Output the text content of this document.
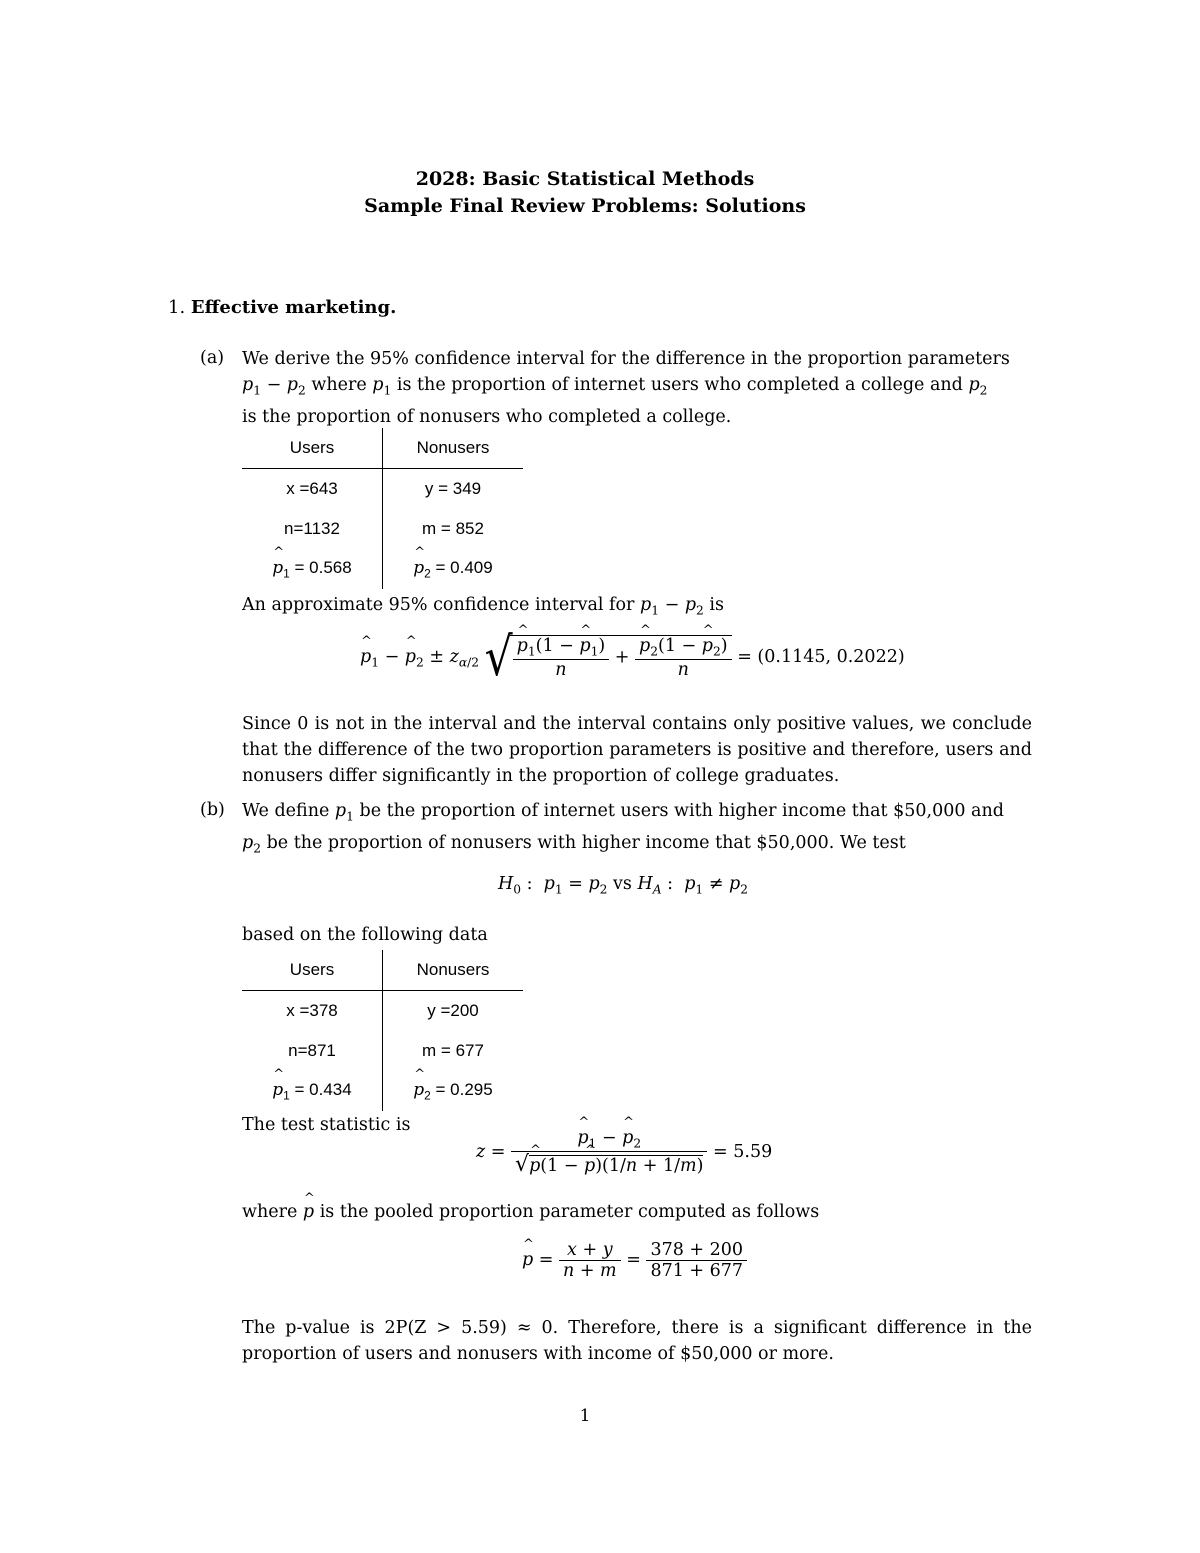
2028: Basic Statistical Methods
Sample Final Review Problems: Solutions
1. Effective marketing.
(a) We derive the 95% confidence interval for the difference in the proportion parameters
$p_1 - p_2$ where $p_1$ is the proportion of internet users who completed a college and $p_2$
is the proportion of nonusers who completed a college.
Users	Nonusers
x =643	y = 349
n=1132	m = 852
^ $p_1 = 0.568$	^ $p_2 = 0.409$
An approximate 95% confidence interval for $p_1 - p_2$ is
^ $p_1$ − ^ $p_2 \pm z_{\alpha/2}$ √ ^ $\frac{p_1(1 - \^{} p_1)}{n}$ + ^ $\frac{p_2(1 - \^{} p_2)}{n} = (0.1145$, 0.2022)
Since 0 is not in the interval and the interval contains only positive values, we conclude that the difference of the two proportion parameters is positive and therefore, users and nonusers differ significantly in the proportion of college graduates.
(b) We define $p_1$ be the proportion of internet users with higher income that $50,000 and
$p_2$ be the proportion of nonusers with higher income that $50,000. We test
$H_0$ :  $p_1 = p_2$ vs $H_A$ :  $p_1 \ne p_2$
based on the following data
Users	Nonusers
x =378	y =200
n=871	m = 677
^ $p_1 = 0.434$	^ $p_2 = 0.295$
The test statistic is
z = ^ $\frac{p_1 - \^{} p_2}{√\^{} p(1 - \^{} p)(1/n + 1/m)} = 5.59$
where ^ p is the pooled proportion parameter computed as follows
^ $p = \frac{x + y}{n + m} = \frac{378 + 200}{871 + 677}$
The p-value is 2P(Z > 5.59) ≈ 0. Therefore, there is a significant difference in the proportion of users and nonusers with income of $50,000 or more.
1
